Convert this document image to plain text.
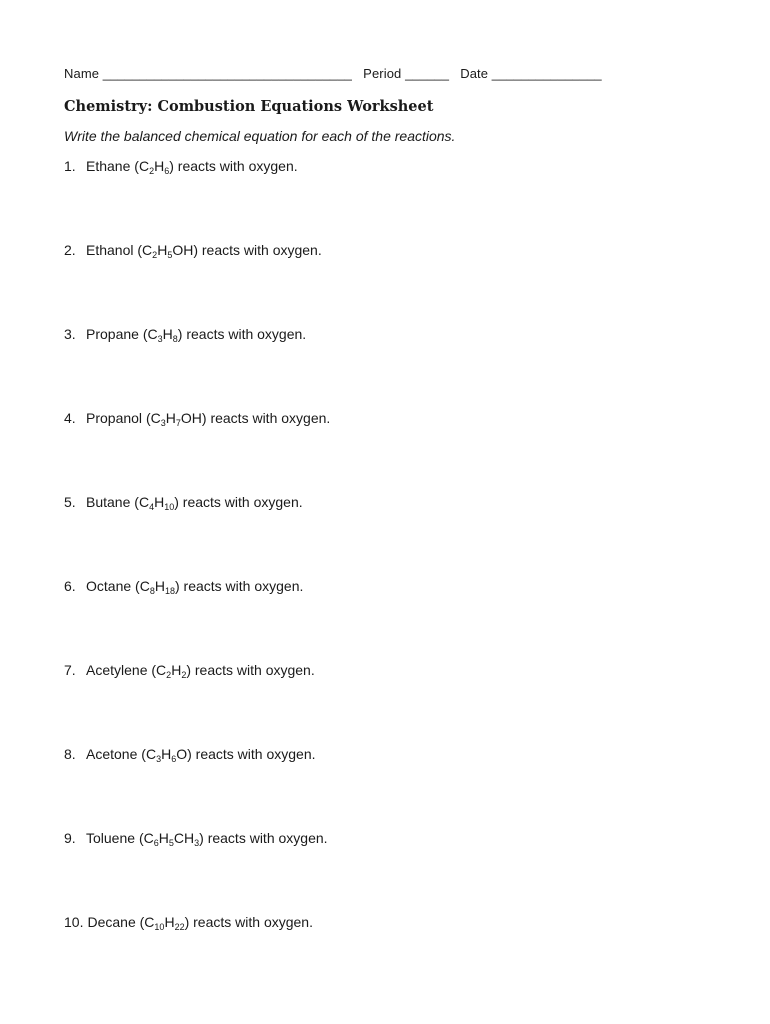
Name __________________________________ Period ______ Date _______________
Chemistry: Combustion Equations Worksheet

Write the balanced chemical equation for each of the reactions.

1. Ethane $(C_2H_6)$ reacts with oxygen.

2. Ethanol $(C_2H_5OH)$ reacts with oxygen.

3. Propane $(C_3H_8)$ reacts with oxygen.

4. Propanol $(C_3H_7OH)$ reacts with oxygen.

5. Butane $(C_4H_{10})$ reacts with oxygen.

6. Octane $(C_8H_{18})$ reacts with oxygen.

7. Acetylene $(C_2H_2)$ reacts with oxygen.

8. Acetone $(C_3H_6O)$ reacts with oxygen.

9. Toluene $(C_6H_5CH_3)$ reacts with oxygen.

10. Decane $(C_{10}H_{22})$ reacts with oxygen.
